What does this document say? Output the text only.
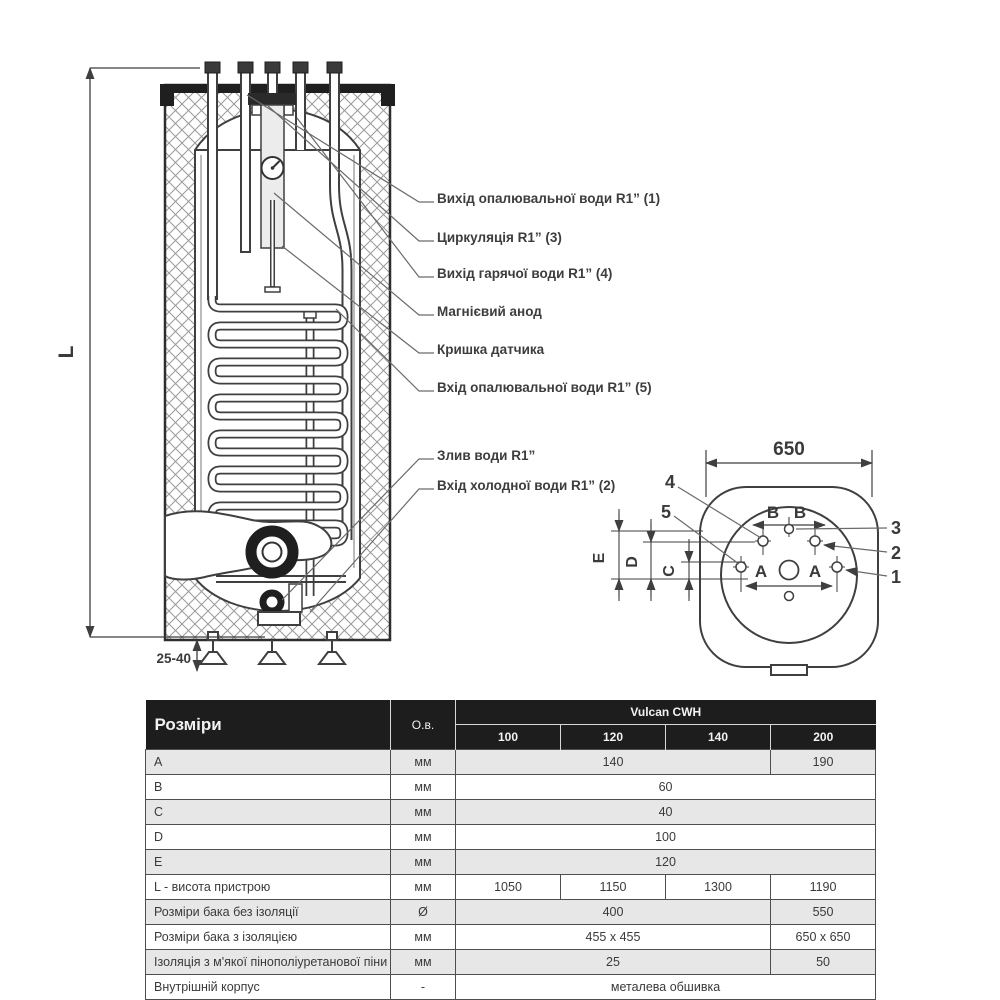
L
25-40
Вихід опалювальної води R1” (1)
Циркуляція R1” (3)
Вихід гарячої води R1” (4)
Магнієвий анод
Кришка датчика
Вхід опалювальної води R1” (5)
Злив води R1”
Вхід холодної води R1” (2)
650
B B
A A
E D
C
4
5
3
2
1
Розміри	О.в.	Vulcan CWH			
		100	120	140	200
A	мм	140			190
B	мм	60			
C	мм	40			
D	мм	100			
E	мм	120			
L - висота пристрою	мм	1050	1150	1300	1190
Розміри бака без ізоляції	Ø	400			550
Розміри бака з ізоляцією	мм	455 x 455			650 x 650
Ізоляція з м'якої пінополіуретанової піни	мм	25			50
Внутрішній корпус	-	металева обшивка			
